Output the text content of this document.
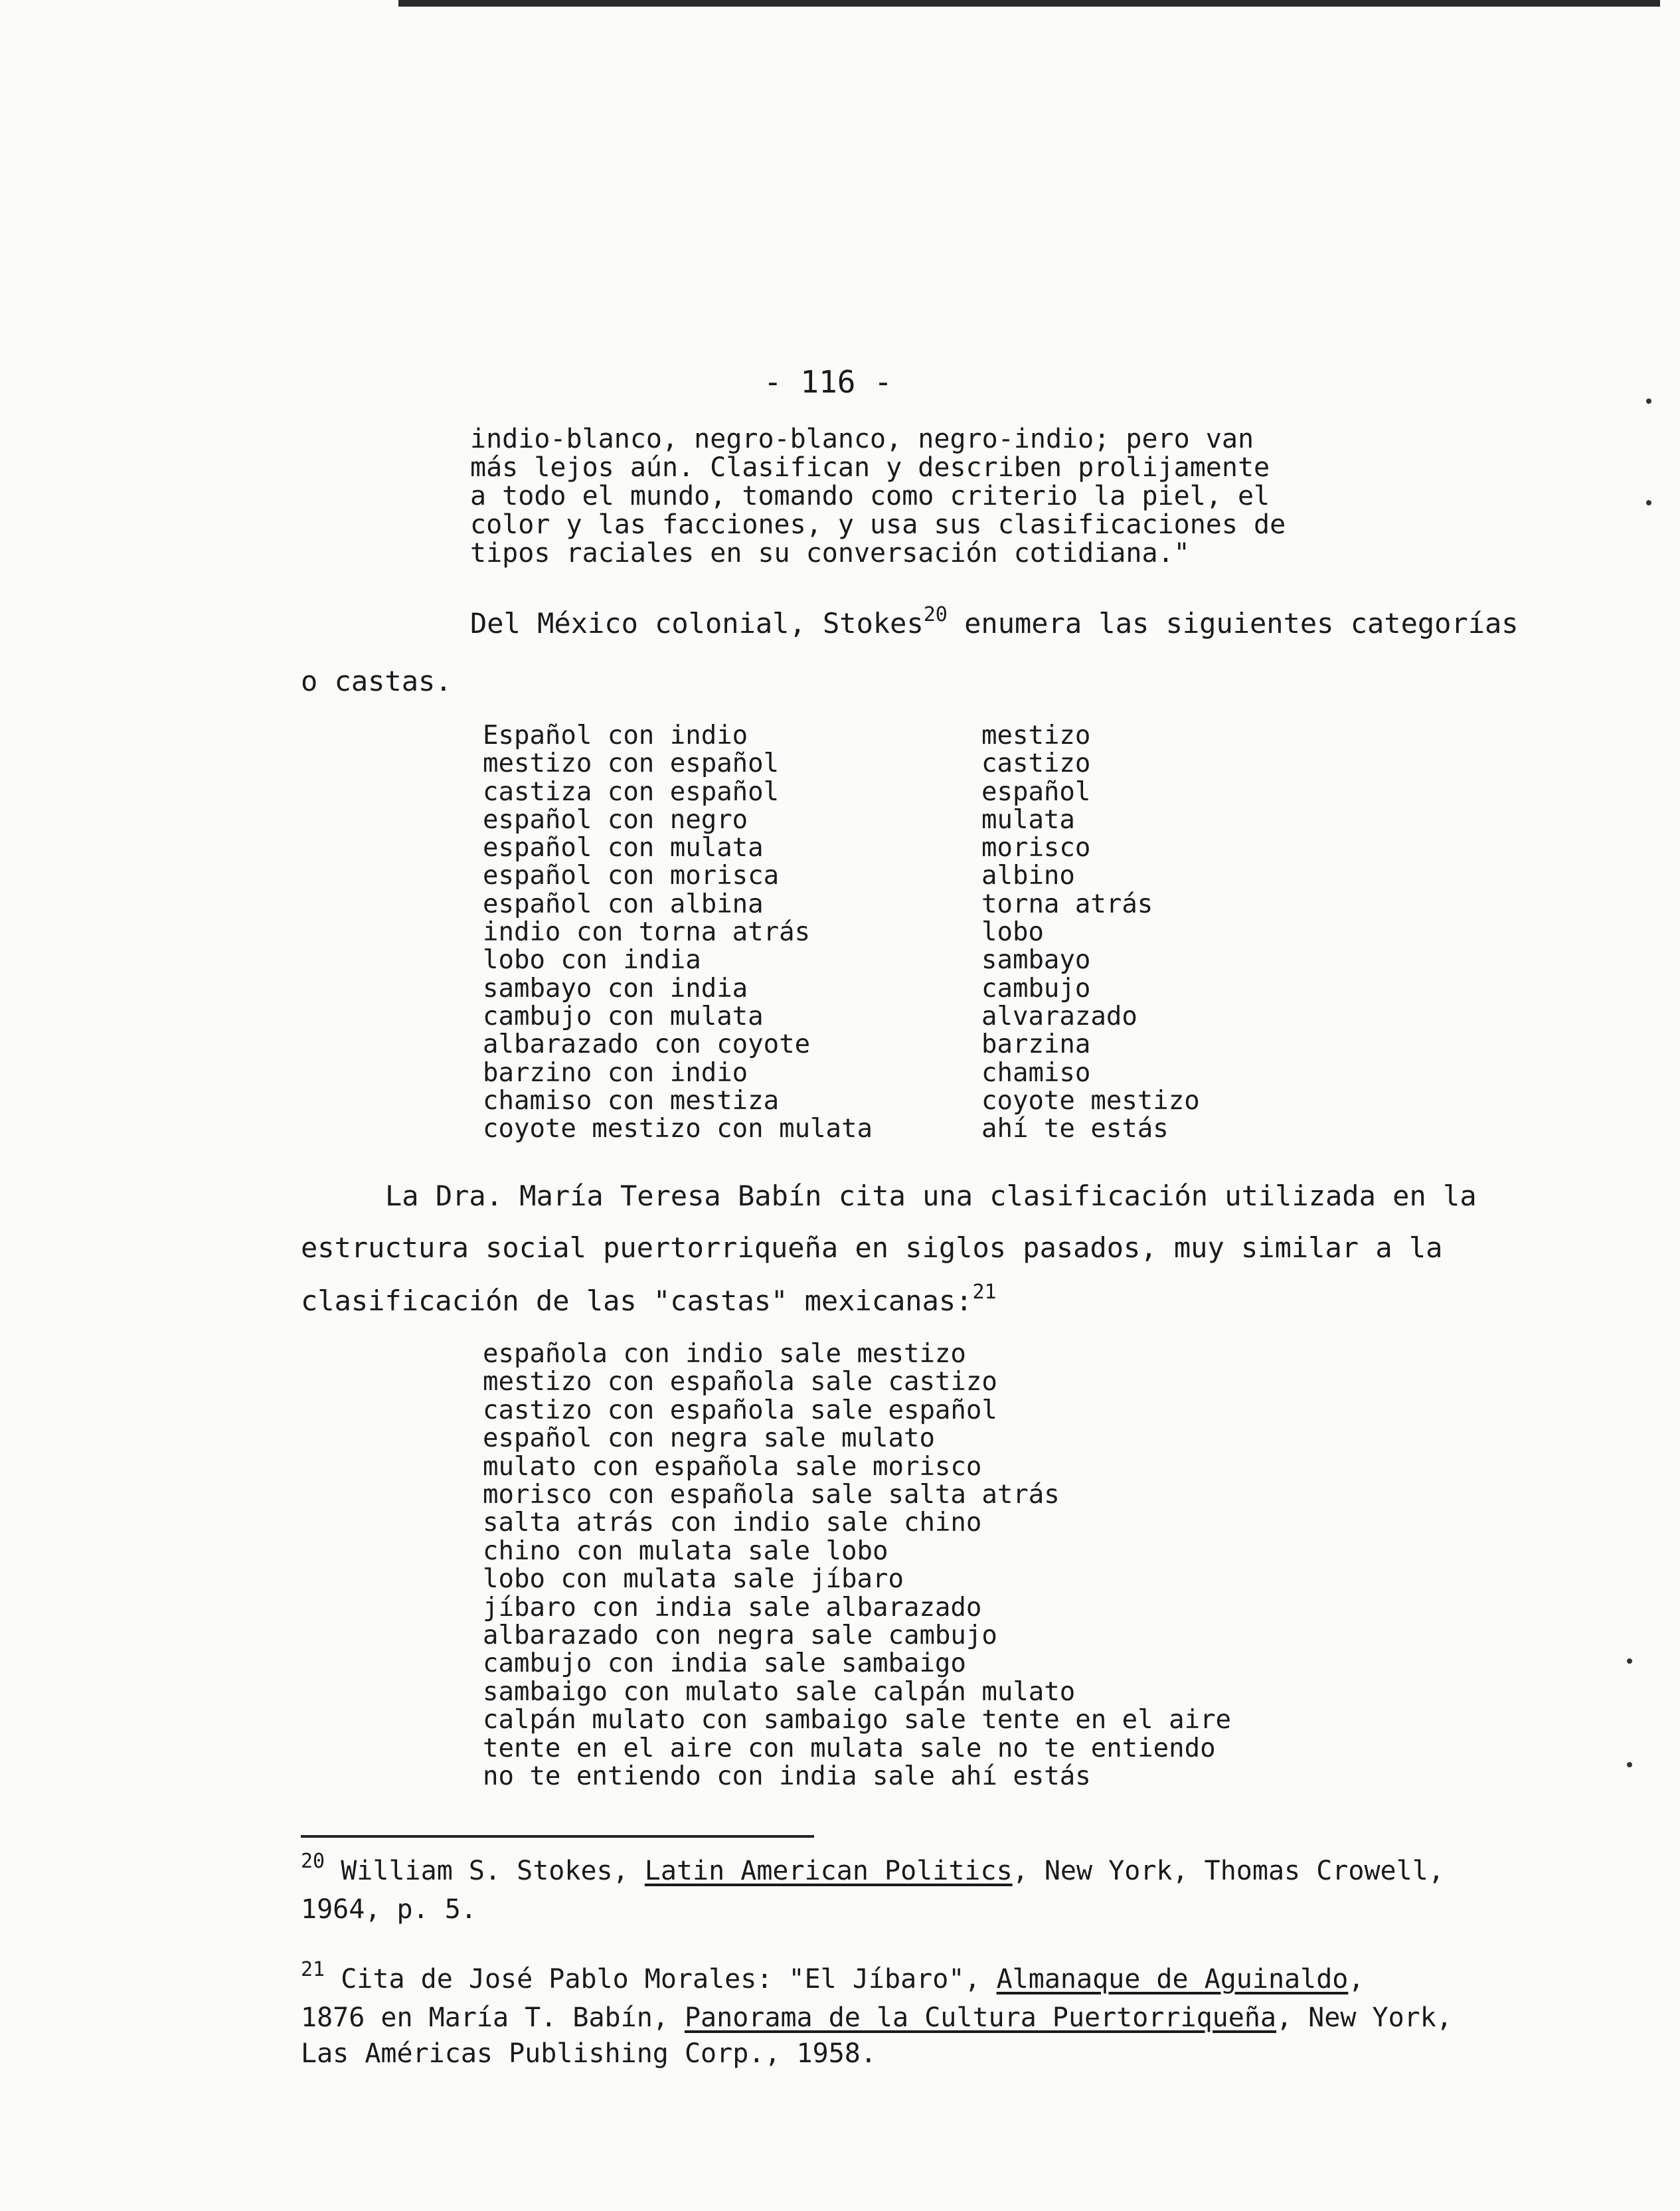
- 116 -
indio-blanco, negro-blanco, negro-indio; pero van
más lejos aún. Clasifican y describen prolijamente
a todo el mundo, tomando como criterio la piel, el
color y las facciones, y usa sus clasificaciones de
tipos raciales en su conversación cotidiana."
Del México colonial, Stokes$^{20}$ enumera las siguientes categorías
o castas.
Español con indio
mestizo con español
castiza con español
español con negro
español con mulata
español con morisca
español con albina
indio con torna atrás
lobo con india
sambayo con india
cambujo con mulata
albarazado con coyote
barzino con indio
chamiso con mestiza
coyote mestizo con mulata
mestizo
castizo
español
mulata
morisco
albino
torna atrás
lobo
sambayo
cambujo
alvarazado
barzina
chamiso
coyote mestizo
ahí te estás
La Dra. María Teresa Babín cita una clasificación utilizada en la
estructura social puertorriqueña en siglos pasados, muy similar a la
clasificación de las "castas" mexicanas:$^{21}$
española con indio sale mestizo
mestizo con española sale castizo
castizo con española sale español
español con negra sale mulato
mulato con española sale morisco
morisco con española sale salta atrás
salta atrás con indio sale chino
chino con mulata sale lobo
lobo con mulata sale jíbaro
jíbaro con india sale albarazado
albarazado con negra sale cambujo
cambujo con india sale sambaigo
sambaigo con mulato sale calpán mulato
calpán mulato con sambaigo sale tente en el aire
tente en el aire con mulata sale no te entiendo
no te entiendo con india sale ahí estás
$^{20}$ William S. Stokes, Latin American Politics, New York, Thomas Crowell,
1964, p. 5.
$^{21}$ Cita de José Pablo Morales: "El Jíbaro", Almanaque de Aguinaldo,
1876 en María T. Babín, Panorama de la Cultura Puertorriqueña, New York,
Las Américas Publishing Corp., 1958.
